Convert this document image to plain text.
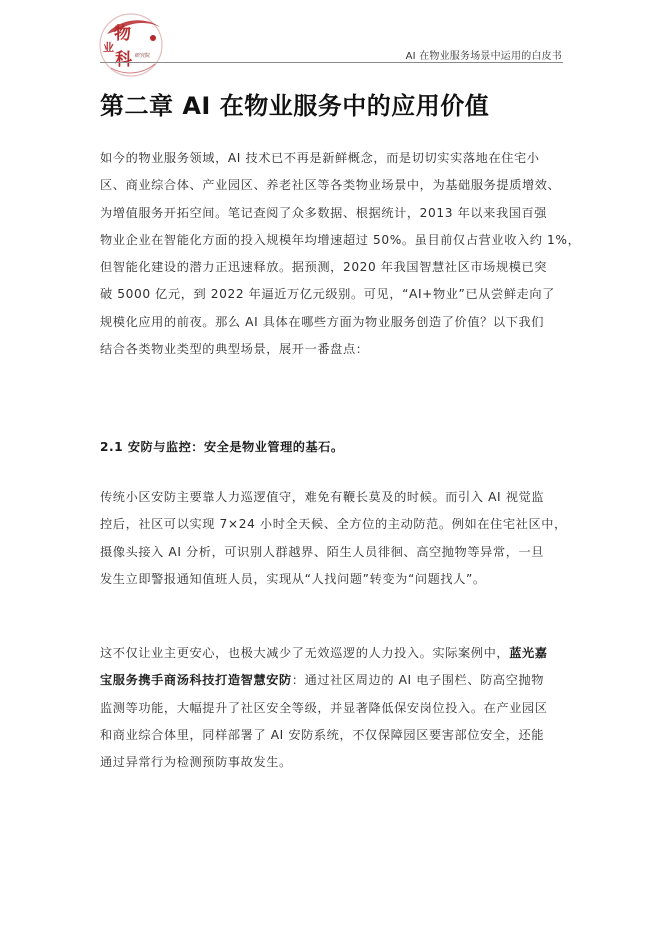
物
业
科 研究院	AI 在物业服务场景中运用的白皮书
第二章 AI 在物业服务中的应用价值
如今的物业服务领域，AI 技术已不再是新鲜概念，而是切切实实落地在住宅小
区、商业综合体、产业园区、养老社区等各类物业场景中，为基础服务提质增效、
为增值服务开拓空间。笔记查阅了众多数据、根据统计，2013 年以来我国百强
物业企业在智能化方面的投入规模年均增速超过 50%。虽目前仅占营业收入约 1%，
但智能化建设的潜力正迅速释放。据预测，2020 年我国智慧社区市场规模已突
破 5000 亿元，到 2022 年逼近万亿元级别。可见，“AI+物业”已从尝鲜走向了
规模化应用的前夜。那么 AI 具体在哪些方面为物业服务创造了价值？以下我们
结合各类物业类型的典型场景，展开一番盘点：
2.1 安防与监控：安全是物业管理的基石。
传统小区安防主要靠人力巡逻值守，难免有鞭长莫及的时候。而引入 AI 视觉监
控后，社区可以实现 7×24 小时全天候、全方位的主动防范。例如在住宅社区中，
摄像头接入 AI 分析，可识别人群越界、陌生人员徘徊、高空抛物等异常，一旦
发生立即警报通知值班人员，实现从“人找问题”转变为“问题找人”。
这不仅让业主更安心，也极大减少了无效巡逻的人力投入。实际案例中，蓝光嘉
宝服务携手商汤科技打造智慧安防：通过社区周边的 AI 电子围栏、防高空抛物
监测等功能，大幅提升了社区安全等级，并显著降低保安岗位投入。在产业园区
和商业综合体里，同样部署了 AI 安防系统，不仅保障园区要害部位安全，还能
通过异常行为检测预防事故发生。
